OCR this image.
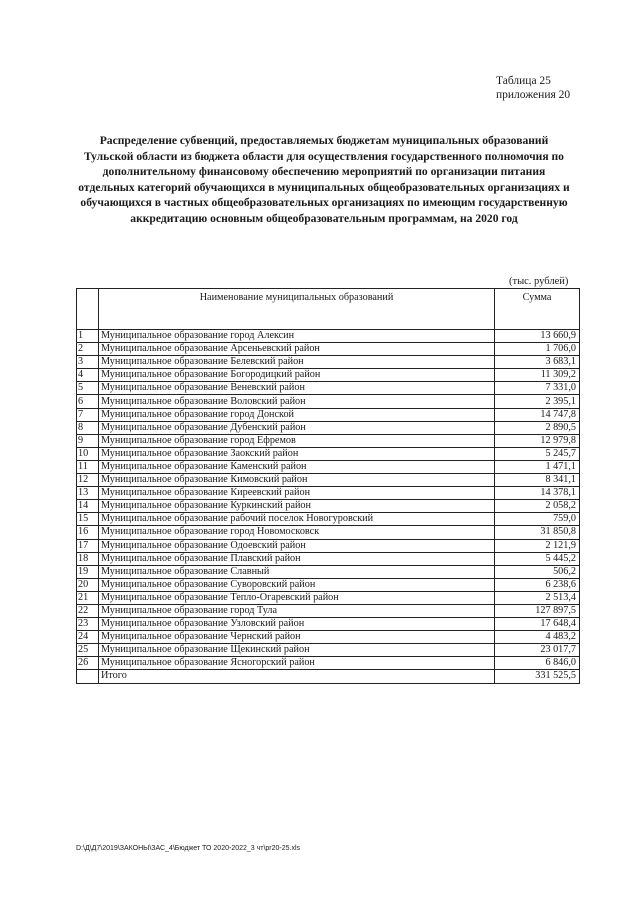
Таблица 25
приложения 20
Распределение субвенций, предоставляемых бюджетам муниципальных образований Тульской области из бюджета области для осуществления государственного полномочия по дополнительному финансовому обеспечению мероприятий по организации питания отдельных категорий обучающихся в муниципальных общеобразовательных организациях и обучающихся в частных общеобразовательных организациях по имеющим государственную аккредитацию основным общеобразовательным программам, на 2020 год
(тыс. рублей)
	Наименование муниципальных образований	Сумма
1	Муниципальное образование город Алексин	13 660,9
2	Муниципальное образование Арсеньевский район	1 706,0
3	Муниципальное образование Белевский район	3 683,1
4	Муниципальное образование Богородицкий район	11 309,2
5	Муниципальное образование Веневский район	7 331,0
6	Муниципальное образование Воловский район	2 395,1
7	Муниципальное образование город Донской	14 747,8
8	Муниципальное образование Дубенский район	2 890,5
9	Муниципальное образование город Ефремов	12 979,8
10	Муниципальное образование Заокский район	5 245,7
11	Муниципальное образование Каменский район	1 471,1
12	Муниципальное образование Кимовский район	8 341,1
13	Муниципальное образование Киреевский район	14 378,1
14	Муниципальное образование Куркинский район	2 058,2
15	Муниципальное образование рабочий поселок Новогуровский	759,0
16	Муниципальное образование город Новомосковск	31 850,8
17	Муниципальное образование Одоевский район	2 121,9
18	Муниципальное образование Плавский район	5 445,2
19	Муниципальное образование Славный	506,2
20	Муниципальное образование Суворовский район	6 238,6
21	Муниципальное образование Тепло-Огаревский район	2 513,4
22	Муниципальное образование город Тула	127 897,5
23	Муниципальное образование Узловский район	17 648,4
24	Муниципальное образование Чернский район	4 483,2
25	Муниципальное образование Щекинский район	23 017,7
26	Муниципальное образование Ясногорский район	6 846,0
	Итого	331 525,5
D:\Д\Д7\2019\ЗАКОНЫ\ЗАС_4\Бюджет ТО 2020-2022_3 чт\pr20-25.xls
